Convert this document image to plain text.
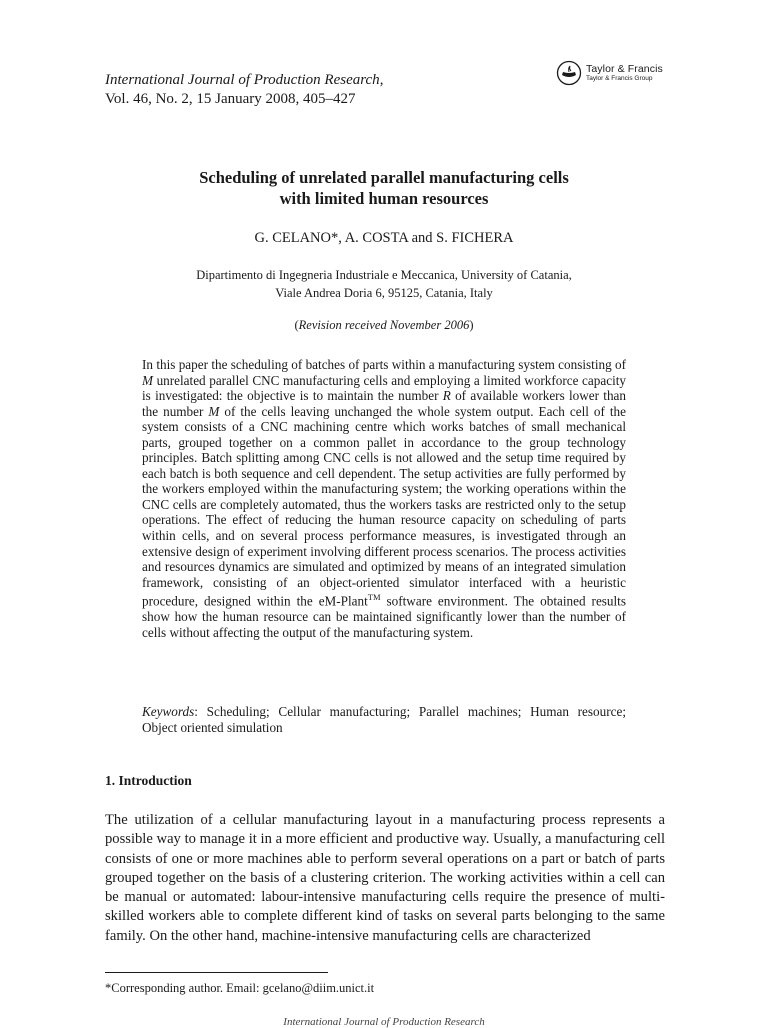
International Journal of Production Research,
Vol. 46, No. 2, 15 January 2008, 405–427
Taylor & Francis
Taylor & Francis Group
Scheduling of unrelated parallel manufacturing cells
with limited human resources
G. CELANO*, A. COSTA and S. FICHERA
Dipartimento di Ingegneria Industriale e Meccanica, University of Catania,
Viale Andrea Doria 6, 95125, Catania, Italy
(Revision received November 2006)
In this paper the scheduling of batches of parts within a manufacturing system consisting of M unrelated parallel CNC manufacturing cells and employing a limited workforce capacity is investigated: the objective is to maintain the number R of available workers lower than the number M of the cells leaving unchanged the whole system output. Each cell of the system consists of a CNC machining centre which works batches of small mechanical parts, grouped together on a common pallet in accordance to the group technology principles. Batch splitting among CNC cells is not allowed and the setup time required by each batch is both sequence and cell dependent. The setup activities are fully performed by the workers employed within the manufacturing system; the working operations within the CNC cells are completely automated, thus the workers tasks are restricted only to the setup operations. The effect of reducing the human resource capacity on scheduling of parts within cells, and on several process performance measures, is investigated through an extensive design of experiment involving different process scenarios. The process activities and resources dynamics are simulated and optimized by means of an integrated simulation framework, consisting of an object-oriented simulator interfaced with a heuristic procedure, designed within the eM-Plant™ software environment. The obtained results show how the human resource can be maintained significantly lower than the number of cells without affecting the output of the manufacturing system.
Keywords: Scheduling; Cellular manufacturing; Parallel machines; Human resource; Object oriented simulation
1. Introduction
The utilization of a cellular manufacturing layout in a manufacturing process represents a possible way to manage it in a more efficient and productive way. Usually, a manufacturing cell consists of one or more machines able to perform several operations on a part or batch of parts grouped together on the basis of a clustering criterion. The working activities within a cell can be manual or automated: labour-intensive manufacturing cells require the presence of multi-skilled workers able to complete different kind of tasks on several parts belonging to the same family. On the other hand, machine-intensive manufacturing cells are characterized
*Corresponding author. Email: gcelano@diim.unict.it
International Journal of Production Research
